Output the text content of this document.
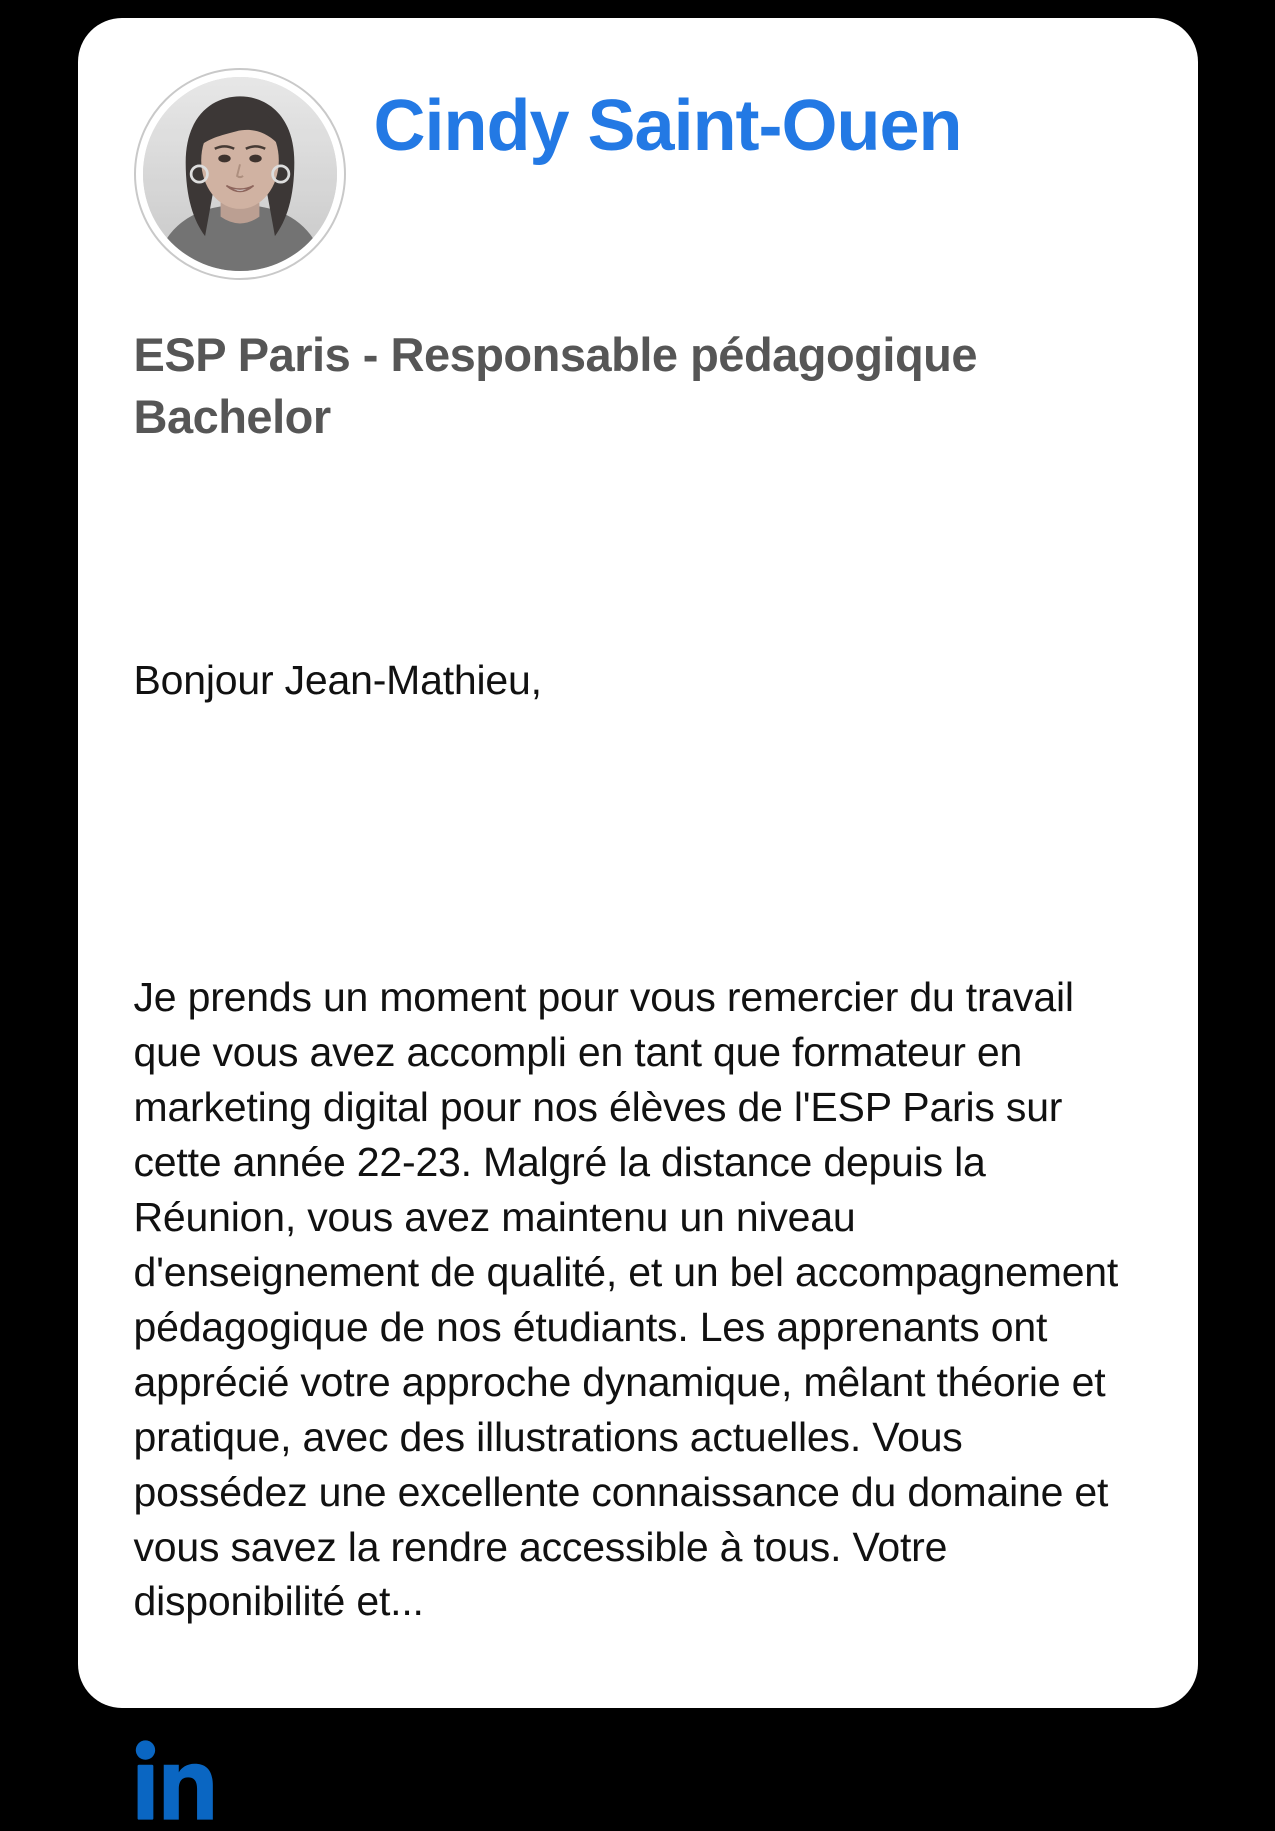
Cindy Saint-Ouen
ESP Paris - Responsable pédagogique Bachelor

Bonjour Jean-Mathieu,

Je prends un moment pour vous remercier du travail que vous avez accompli en tant que formateur en marketing digital pour nos élèves de l'ESP Paris sur cette année 22-23. Malgré la distance depuis la Réunion, vous avez maintenu un niveau d'enseignement de qualité, et un bel accompagnement pédagogique de nos étudiants. Les apprenants ont apprécié votre approche dynamique, mêlant théorie et pratique, avec des illustrations actuelles. Vous possédez une excellente connaissance du domaine et vous savez la rendre accessible à tous. Votre disponibilité et...
